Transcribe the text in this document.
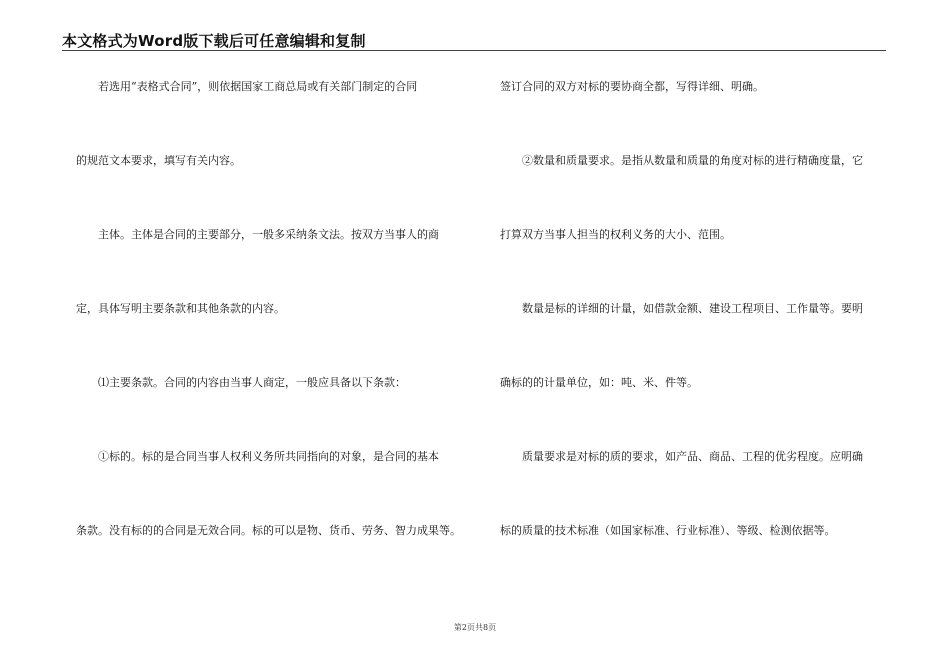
本文格式为Word版下载后可任意编辑和复制
若选用“表格式合同”，则依据国家工商总局或有关部门制定的合同
的规范文本要求，填写有关内容。
主体。主体是合同的主要部分，一般多采纳条文法。按双方当事人的商
定，具体写明主要条款和其他条款的内容。
⑴主要条款。合同的内容由当事人商定，一般应具备以下条款：
①标的。标的是合同当事人权利义务所共同指向的对象，是合同的基本
条款。没有标的的合同是无效合同。标的可以是物、货币、劳务、智力成果等。
签订合同的双方对标的要协商全都，写得详细、明确。
②数量和质量要求。是指从数量和质量的角度对标的进行精确度量，它
打算双方当事人担当的权利义务的大小、范围。
数量是标的详细的计量，如借款金额、建设工程项目、工作量等。要明
确标的的计量单位，如：吨、米、件等。
质量要求是对标的质的要求，如产品、商品、工程的优劣程度。应明确
标的质量的技术标准（如国家标准、行业标准）、等级、检测依据等。
第2页共8页
